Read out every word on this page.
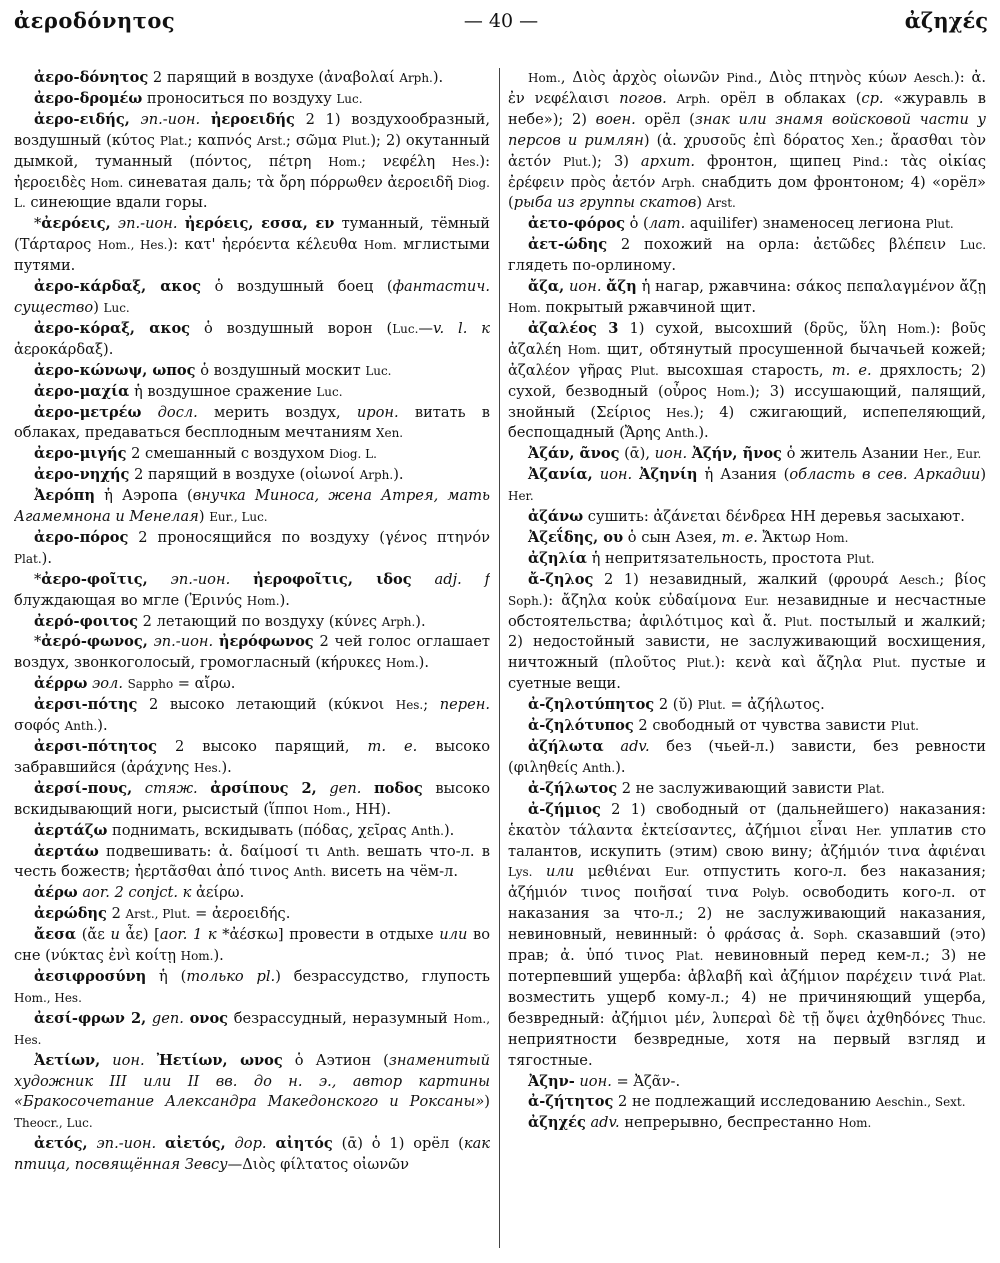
ἀεροδόνητος	— 40 —	ἀζηχές

ἀερο-δόνητος 2 парящий в воздухе (ἀναβολαί Arph.).

ἀερο-δρομέω проноситься по воздуху Luc.

ἀερο-ειδής, эп.-ион. ἠεροειδής 2 1) воздухообразный, воздушный (κύτος Plat.; καπνός Arst.; σῶμα Plut.); 2) окутанный дымкой, туманный (πόντος, πέτρη Hom.; νεφέλη Hes.): ἠεροειδὲς Hom. синеватая даль; τὰ ὄρη πόρρωθεν ἀεροειδῆ Diog. L. синеющие вдали горы.

*ἀερόεις, эп.-ион. ἠερόεις, εσσα, εν туманный, тёмный (Τάρταρος Hom., Hes.): κατ' ἠερόεντα κέλευθα Hom. мглистыми путями.

ἀερο-κάρδαξ, ακος ὁ воздушный боец (фантастич. существо) Luc.

ἀερο-κόραξ, ακος ὁ воздушный ворон (Luc.—v. l. к ἀεροκάρδαξ).

ἀερο-κώνωψ, ωπος ὁ воздушный москит Luc.

ἀερο-μαχία ἡ воздушное сражение Luc.

ἀερο-μετρέω досл. мерить воздух, ирон. витать в облаках, предаваться бесплодным мечтаниям Xen.

ἀερο-μιγής 2 смешанный с воздухом Diog. L.

ἀερο-νηχής 2 парящий в воздухе (οἰωνοί Arph.).

Ἀερόπη ἡ Аэропа (внучка Миноса, жена Атрея, мать Агамемнона и Менелая) Eur., Luc.

ἀερο-πόρος 2 проносящийся по воздуху (γένος πτηνόν Plat.).

*ἀερο-φοῖτις, эп.-ион. ἠεροφοῖτις, ιδος adj. f блуждающая во мгле (Ἐρινύς Hom.).

ἀερό-φοιτος 2 летающий по воздуху (κύνες Arph.).

*ἀερό-φωνος, эп.-ион. ἠερόφωνος 2 чей голос оглашает воздух, звонкоголосый, громогласный (κήρυκες Hom.).

ἀέρρω эол. Sappho = αἴρω.

ἀερσι-πότης 2 высоко летающий (κύκνοι Hes.; перен. σοφός Anth.).

ἀερσι-πότητος 2 высоко парящий, т. е. высоко забравшийся (ἀράχνης Hes.).

ἀερσί-πους, стяж. ἀρσίπους 2, gen. ποδος высоко вскидывающий ноги, рысистый (ἵπποι Hom., HH).

ἀερτάζω поднимать, вскидывать (πόδας, χεῖρας Anth.).

ἀερτάω подвешивать: ἀ. δαίμοσί τι Anth. вешать что-л. в честь божеств; ἠερτᾶσθαι ἀπό τινος Anth. висеть на чём-л.

ἀέρω aor. 2 conjct. к ἀείρω.

ἀερώδης 2 Arst., Plut. = ἀεροειδής.

ἄεσα (ἄε и ἆε) [aor. 1 к *ἀέσκω] провести в отдыхе или во сне (νύκτας ἐνὶ κοίτῃ Hom.).

ἀεσιφροσύνη ἡ (только pl.) безрассудство, глупость Hom., Hes.

ἀεσί-φρων 2, gen. ονος безрассудный, неразумный Hom., Hes.

Ἀετίων, ион. Ἠετίων, ωνος ὁ Аэтион (знаменитый художник III или II вв. до н. э., автор картины «Бракосочетание Александра Македонского и Роксаны») Theocr., Luc.

ἀετός, эп.-ион. αἰετός, дор. αἰητός (ᾱ) ὁ 1) орёл (как птица, посвящённая Зевсу—Διὸς φίλτατος οἰωνῶν

Hom., Διὸς ἀρχὸς οἰωνῶν Pind., Διὸς πτηνὸς κύων Aesch.): ἀ. ἐν νεφέλαισι погов. Arph. орёл в облаках (ср. «журавль в небе»); 2) воен. орёл (знак или знамя войсковой части у персов и римлян) (ἀ. χρυσοῦς ἐπὶ δόρατος Xen.; ἄρασθαι τὸν ἀετόν Plut.); 3) архит. фронтон, щипец Pind.: τὰς οἰκίας ἐρέφειν πρὸς ἀετόν Arph. снабдить дом фронтоном; 4) «орёл» (рыба из группы скатов) Arst.

ἀετο-φόρος ὁ (лат. aquilifer) знаменосец легиона Plut.

ἀετ-ώδης 2 похожий на орла: ἀετῶδες βλέπειν Luc. глядеть по-орлиному.

ἄζα, ион. ἄζη ἡ нагар, ржавчина: σάκος πεπαλαγμένον ἄζῃ Hom. покрытый ржавчиной щит.

ἀζαλέος 3 1) сухой, высохший (δρῦς, ὕλη Hom.): βοῦς ἀζαλέη Hom. щит, обтянутый просушенной бычачьей кожей; ἀζαλέον γῆρας Plut. высохшая старость, т. е. дряхлость; 2) сухой, безводный (οὖρος Hom.); 3) иссушающий, палящий, знойный (Σείριος Hes.); 4) сжигающий, испепеляющий, беспощадный (Ἄρης Anth.).

Ἀζάν, ᾶνος (ᾱ), ион. Ἀζήν, ῆνος ὁ житель Азании Her., Eur.

Ἀζανία, ион. Ἀζηνίη ἡ Азания (область в сев. Аркадии) Her.

ἀζάνω сушить: ἀζάνεται δένδρεα HH деревья засыхают.

Ἀζεΐδης, ου ὁ сын Азея, т. е. Ἄκτωρ Hom.

ἀζηλία ἡ непритязательность, простота Plut.

ἄ-ζηλος 2 1) незавидный, жалкий (φρουρά Aesch.; βίος Soph.): ἄζηλα κοὐκ εὐδαίμονα Eur. незавидные и несчастные обстоятельства; ἀφιλότιμος καὶ ἄ. Plut. постылый и жалкий; 2) недостойный зависти, не заслуживающий восхищения, ничтожный (πλοῦτος Plut.): κενὰ καὶ ἄζηλα Plut. пустые и суетные вещи.

ἀ-ζηλοτύπητος 2 (ῠ) Plut. = ἀζήλωτος.

ἀ-ζηλότυπος 2 свободный от чувства зависти Plut.

ἀζήλωτα adv. без (чьей-л.) зависти, без ревности (φιληθείς Anth.).

ἀ-ζήλωτος 2 не заслуживающий зависти Plat.

ἀ-ζήμιος 2 1) свободный от (дальнейшего) наказания: ἑκατὸν τάλαντα ἐκτείσαντες, ἀζήμιοι εἶναι Her. уплатив сто талантов, искупить (этим) свою вину; ἀζήμιόν τινα ἀφιέναι Lys. или μεθιέναι Eur. отпустить кого-л. без наказания; ἀζήμιόν τινος ποιῆσαί τινα Polyb. освободить кого-л. от наказания за что-л.; 2) не заслуживающий наказания, невиновный, невинный: ὁ φράσας ἀ. Soph. сказавший (это) прав; ἀ. ὑπό τινος Plat. невиновный перед кем-л.; 3) не потерпевший ущерба: ἀβλαβῆ καὶ ἀζήμιον παρέχειν τινά Plat. возместить ущерб кому-л.; 4) не причиняющий ущерба, безвредный: ἀζήμιοι μέν, λυπεραὶ δὲ τῇ ὄψει ἀχθηδόνες Thuc. неприятности безвредные, хотя на первый взгляд и тягостные.

Ἀζην- ион. = Ἀζᾶν-.

ἀ-ζήτητος 2 не подлежащий исследованию Aeschin., Sext.

ἀζηχές adv. непрерывно, беспрестанно Hom.
